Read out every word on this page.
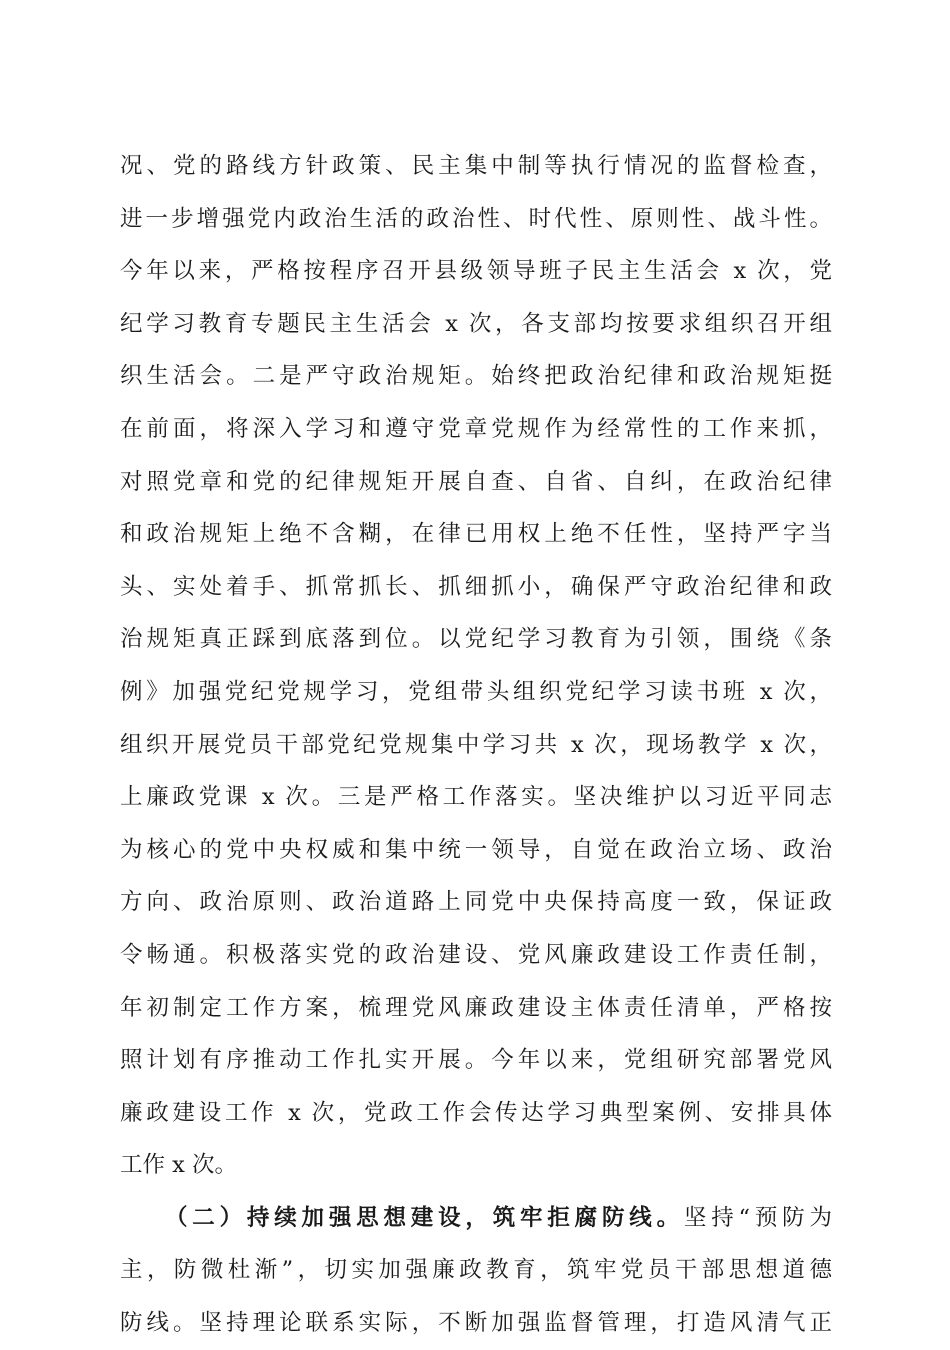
况、党的路线方针政策、民主集中制等执行情况的监督检查，
进一步增强党内政治生活的政治性、时代性、原则性、战斗性。
今年以来，严格按程序召开县级领导班子民主生活会 x 次，党
纪学习教育专题民主生活会 x 次，各支部均按要求组织召开组
织生活会。二是严守政治规矩。始终把政治纪律和政治规矩挺
在前面，将深入学习和遵守党章党规作为经常性的工作来抓，
对照党章和党的纪律规矩开展自查、自省、自纠，在政治纪律
和政治规矩上绝不含糊，在律已用权上绝不任性，坚持严字当
头、实处着手、抓常抓长、抓细抓小，确保严守政治纪律和政
治规矩真正踩到底落到位。以党纪学习教育为引领，围绕《条
例》加强党纪党规学习，党组带头组织党纪学习读书班 x 次，
组织开展党员干部党纪党规集中学习共 x 次，现场教学 x 次，
上廉政党课 x 次。三是严格工作落实。坚决维护以习近平同志
为核心的党中央权威和集中统一领导，自觉在政治立场、政治
方向、政治原则、政治道路上同党中央保持高度一致，保证政
令畅通。积极落实党的政治建设、党风廉政建设工作责任制，
年初制定工作方案，梳理党风廉政建设主体责任清单，严格按
照计划有序推动工作扎实开展。今年以来，党组研究部署党风
廉政建设工作 x 次，党政工作会传达学习典型案例、安排具体
工作 x 次。
（二）持续加强思想建设，筑牢拒腐防线。坚持“预防为
主，防微杜渐”，切实加强廉政教育，筑牢党员干部思想道德
防线。坚持理论联系实际，不断加强监督管理，打造风清气正
